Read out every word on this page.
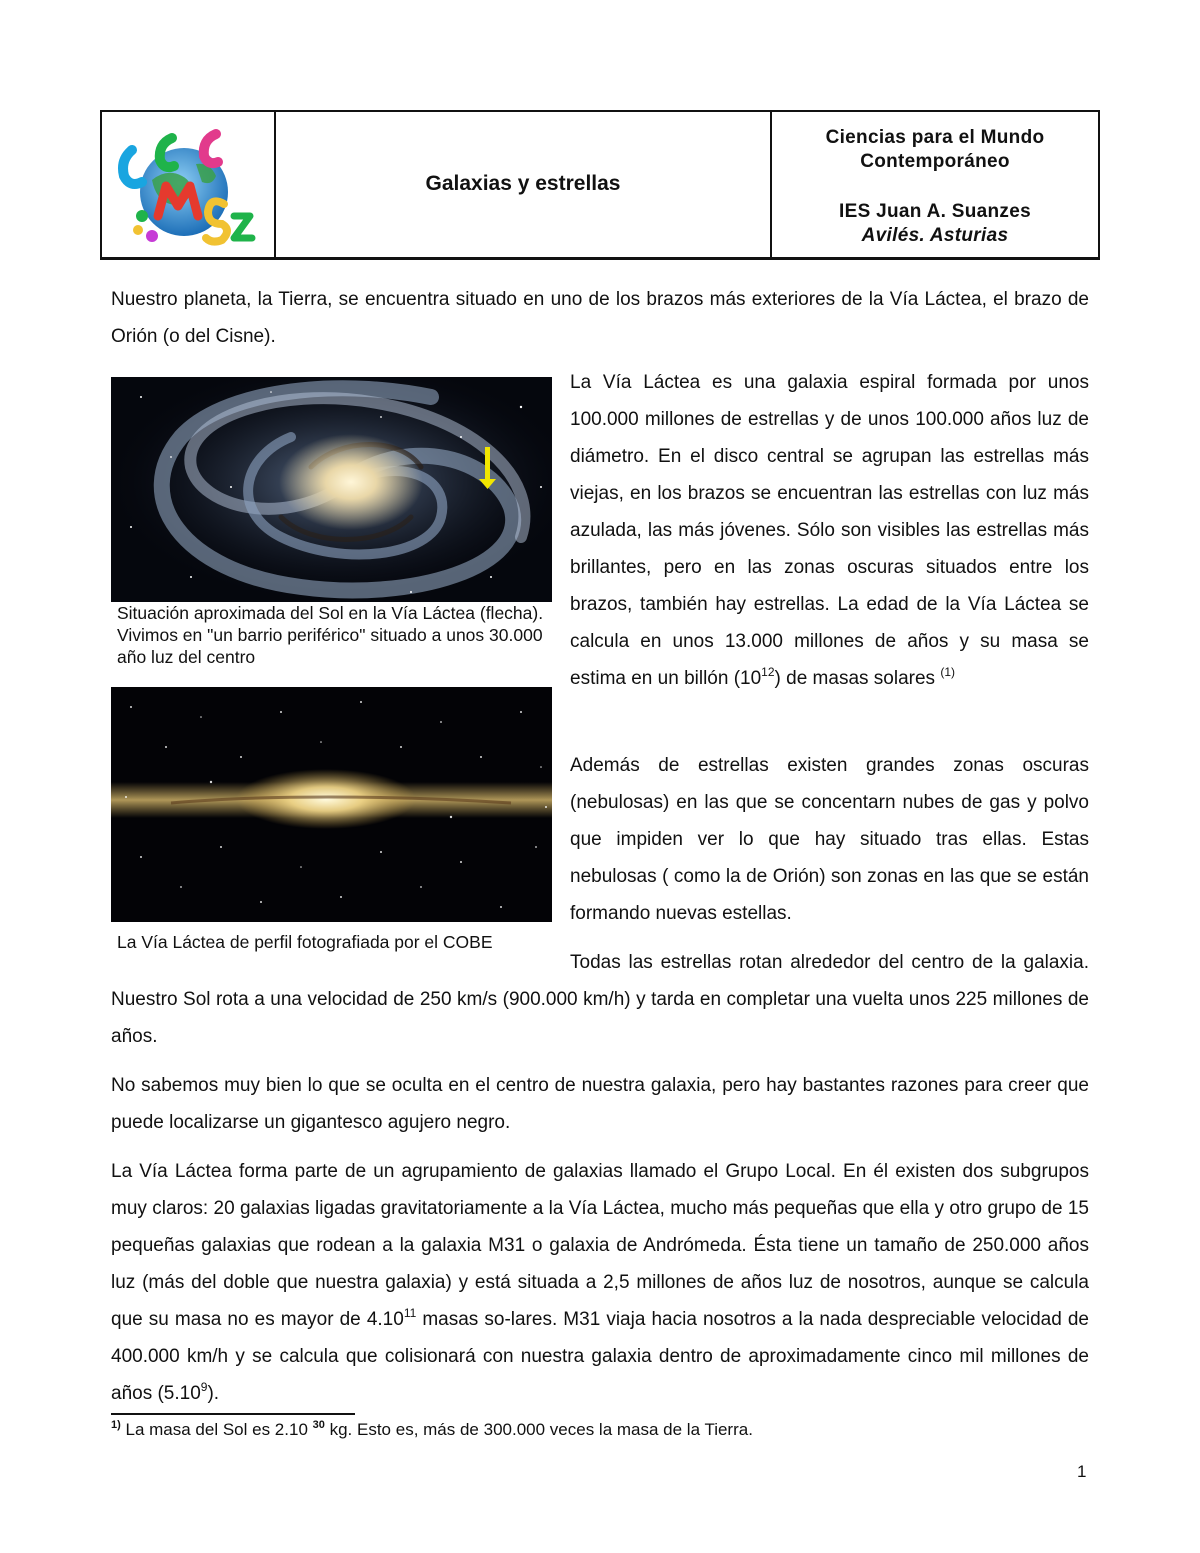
Galaxias y estrellas
Ciencias para el Mundo
Contemporáneo
IES Juan A. Suanzes
Avilés. Asturias

Nuestro planeta, la Tierra, se encuentra situado en uno de los brazos más exteriores de la Vía Láctea, el brazo de Orión (o del Cisne).

Situación aproximada del Sol en la Vía Láctea (flecha). Vivimos en "un barrio periférico" situado a unos 30.000 año luz del centro

La Vía Láctea de perfil fotografiada por el COBE

La Vía Láctea es una galaxia espiral formada por unos 100.000 millones de estrellas y de unos 100.000 años luz de diámetro. En el disco central se agrupan las estrellas más viejas, en los brazos se encuentran las estrellas con luz más azulada, las más jóvenes. Sólo son visibles las estrellas más brillantes, pero en las zonas oscuras situados entre los brazos, también hay estrellas. La edad de la Vía Láctea se calcula en unos 13.000 millones de años y su masa se estima en un billón $(10^{12})$ de masas solares $^{(1)}$

Además de estrellas existen grandes zonas oscuras (nebulosas) en las que se concentarn nubes de gas y polvo que impiden ver lo que hay situado tras ellas. Estas nebulosas ( como la de Orión) son zonas en las que se están formando nuevas estellas.

Todas las estrellas rotan alrededor del centro de la galaxia. Nuestro Sol rota a una velocidad de 250 km/s (900.000 km/h) y tarda en completar una vuelta unos 225 millones de años.

No sabemos muy bien lo que se oculta en el centro de nuestra galaxia, pero hay bastantes razones para creer que puede localizarse un gigantesco agujero negro.

La Vía Láctea forma parte de un agrupamiento de galaxias llamado el Grupo Local. En él existen dos subgrupos muy claros: 20 galaxias ligadas gravitatoriamente a la Vía Láctea, mucho más pequeñas que ella y otro grupo de 15 pequeñas galaxias que rodean a la galaxia M31 o galaxia de Andrómeda. Ésta tiene un tamaño de 250.000 años luz (más del doble que nuestra galaxia) y está situada a 2,5 millones de años luz de nosotros, aunque se calcula que su masa no es mayor de 4.10$^{11}$ masas so-lares. M31 viaja hacia nosotros a la nada despreciable velocidad de 400.000 km/h y se calcula que colisionará con nuestra galaxia dentro de aproximadamente cinco mil millones de años (5.10$^9$).

$^{1)}$ La masa del Sol es 2.10 $^{30}$ kg. Esto es, más de 300.000 veces la masa de la Tierra.

1
